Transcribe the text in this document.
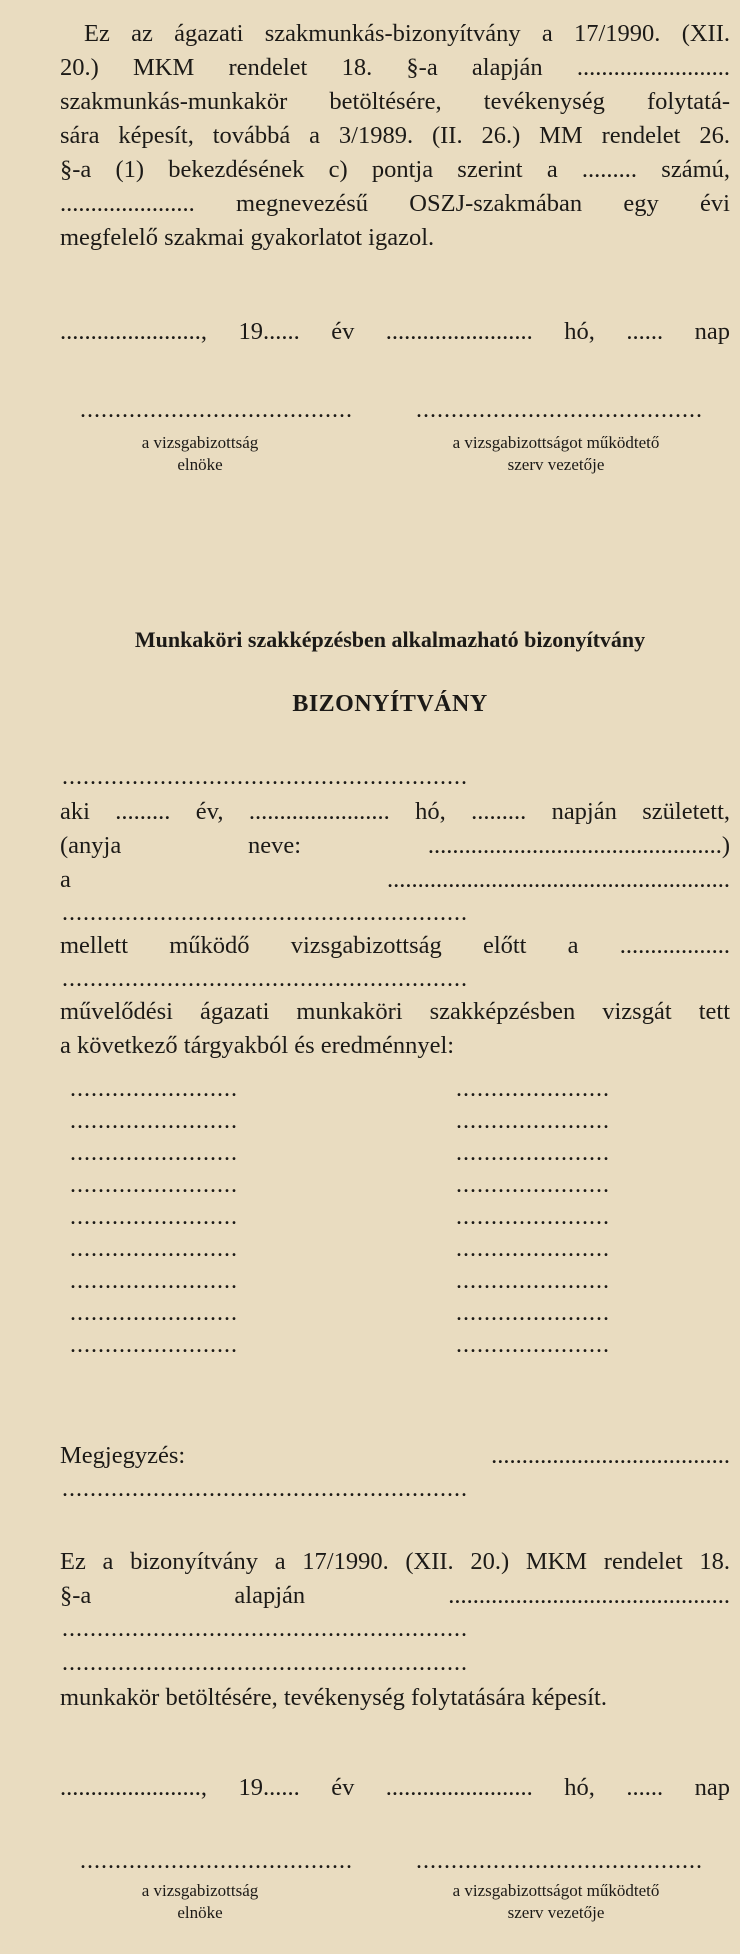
Ez az ágazati szakmunkás-bizonyítvány a 17/1990. (XII.
20.) MKM rendelet 18. §-a alapján .........................
szakmunkás-munkakör betöltésére, tevékenység folytatá-
sára képesít, továbbá a 3/1989. (II. 26.) MM rendelet 26.
§-a (1) bekezdésének c) pontja szerint a ......... számú,
...................... megnevezésű OSZJ-szakmában egy évi
megfelelő szakmai gyakorlatot igazol.
......................., 19...... év ........................ hó, ...... nap
.......................................	.........................................
a vizsgabizottság
elnöke
a vizsgabizottságot működtető
szerv vezetője
Munkaköri szakképzésben alkalmazható bizonyítvány
BIZONYÍTVÁNY
..........................................................
aki ......... év, ....................... hó, ......... napján született,
(anyja neve: ................................................)
a ........................................................
..........................................................
mellett működő vizsgabizottság előtt a ..................
..........................................................
művelődési ágazati munkaköri szakképzésben vizsgát tett
a következő tárgyakból és eredménnyel:
........................	......................
........................	......................
........................	......................
........................	......................
........................	......................
........................	......................
........................	......................
........................	......................
........................	......................
Megjegyzés: .......................................
..........................................................
Ez a bizonyítvány a 17/1990. (XII. 20.) MKM rendelet 18.
§-a alapján ..............................................
..........................................................
..........................................................
munkakör betöltésére, tevékenység folytatására képesít.
......................., 19...... év ........................ hó, ...... nap
.......................................	.........................................
a vizsgabizottság
elnöke
a vizsgabizottságot működtető
szerv vezetője
